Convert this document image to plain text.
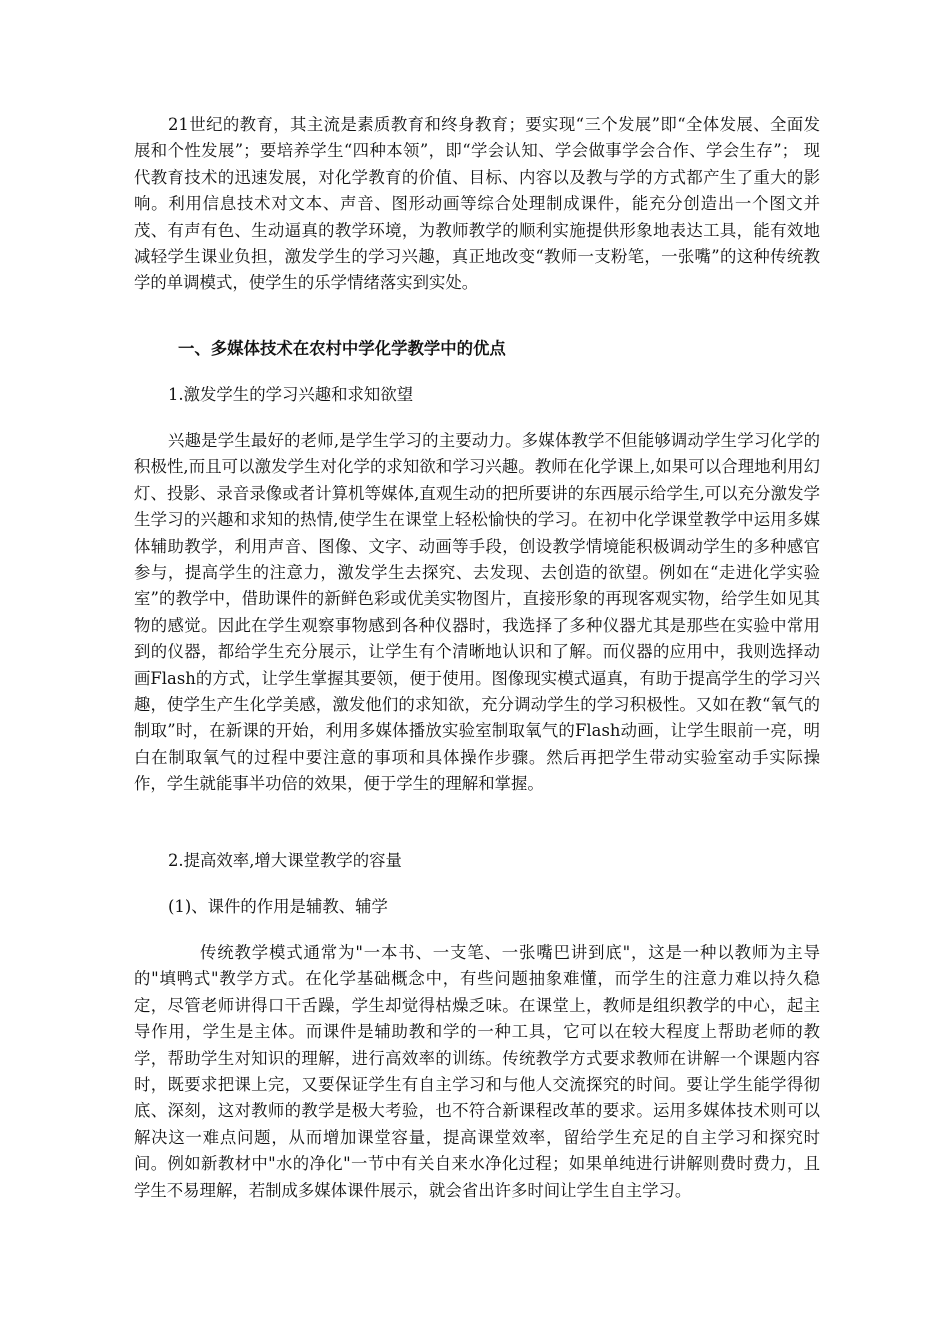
21世纪的教育，其主流是素质教育和终身教育；要实现“三个发展”即“全体发展、全面发展和个性发展”；要培养学生“四种本领”，即“学会认知、学会做事学会合作、学会生存”； 现代教育技术的迅速发展，对化学教育的价值、目标、内容以及教与学的方式都产生了重大的影响。利用信息技术对文本、声音、图形动画等综合处理制成课件，能充分创造出一个图文并茂、有声有色、生动逼真的教学环境，为教师教学的顺利实施提供形象地表达工具，能有效地减轻学生课业负担，激发学生的学习兴趣，真正地改变“教师一支粉笔，一张嘴”的这种传统教学的单调模式，使学生的乐学情绪落实到实处。

一、多媒体技术在农村中学化学教学中的优点

1.激发学生的学习兴趣和求知欲望

兴趣是学生最好的老师,是学生学习的主要动力。多媒体教学不但能够调动学生学习化学的积极性,而且可以激发学生对化学的求知欲和学习兴趣。教师在化学课上,如果可以合理地利用幻灯、投影、录音录像或者计算机等媒体,直观生动的把所要讲的东西展示给学生,可以充分激发学生学习的兴趣和求知的热情,使学生在课堂上轻松愉快的学习。在初中化学课堂教学中运用多媒体辅助教学，利用声音、图像、文字、动画等手段，创设教学情境能积极调动学生的多种感官参与，提高学生的注意力，激发学生去探究、去发现、去创造的欲望。例如在“走进化学实验室”的教学中，借助课件的新鲜色彩或优美实物图片，直接形象的再现客观实物，给学生如见其物的感觉。因此在学生观察事物感到各种仪器时，我选择了多种仪器尤其是那些在实验中常用到的仪器，都给学生充分展示，让学生有个清晰地认识和了解。而仪器的应用中，我则选择动画Flash的方式，让学生掌握其要领，便于使用。图像现实模式逼真，有助于提高学生的学习兴趣，使学生产生化学美感，激发他们的求知欲，充分调动学生的学习积极性。又如在教“氧气的制取”时，在新课的开始，利用多媒体播放实验室制取氧气的Flash动画，让学生眼前一亮，明白在制取氧气的过程中要注意的事项和具体操作步骤。然后再把学生带动实验室动手实际操作，学生就能事半功倍的效果，便于学生的理解和掌握。

2.提高效率,增大课堂教学的容量

(1)、课件的作用是辅教、辅学

传统教学模式通常为"一本书、一支笔、一张嘴巴讲到底"，这是一种以教师为主导的"填鸭式"教学方式。在化学基础概念中，有些问题抽象难懂，而学生的注意力难以持久稳定，尽管老师讲得口干舌躁，学生却觉得枯燥乏味。在课堂上，教师是组织教学的中心，起主导作用，学生是主体。而课件是辅助教和学的一种工具，它可以在较大程度上帮助老师的教学，帮助学生对知识的理解，进行高效率的训练。传统教学方式要求教师在讲解一个课题内容时，既要求把课上完，又要保证学生有自主学习和与他人交流探究的时间。要让学生能学得彻底、深刻，这对教师的教学是极大考验，也不符合新课程改革的要求。运用多媒体技术则可以解决这一难点问题，从而增加课堂容量，提高课堂效率，留给学生充足的自主学习和探究时间。例如新教材中"水的净化"一节中有关自来水净化过程；如果单纯进行讲解则费时费力，且学生不易理解，若制成多媒体课件展示，就会省出许多时间让学生自主学习。
